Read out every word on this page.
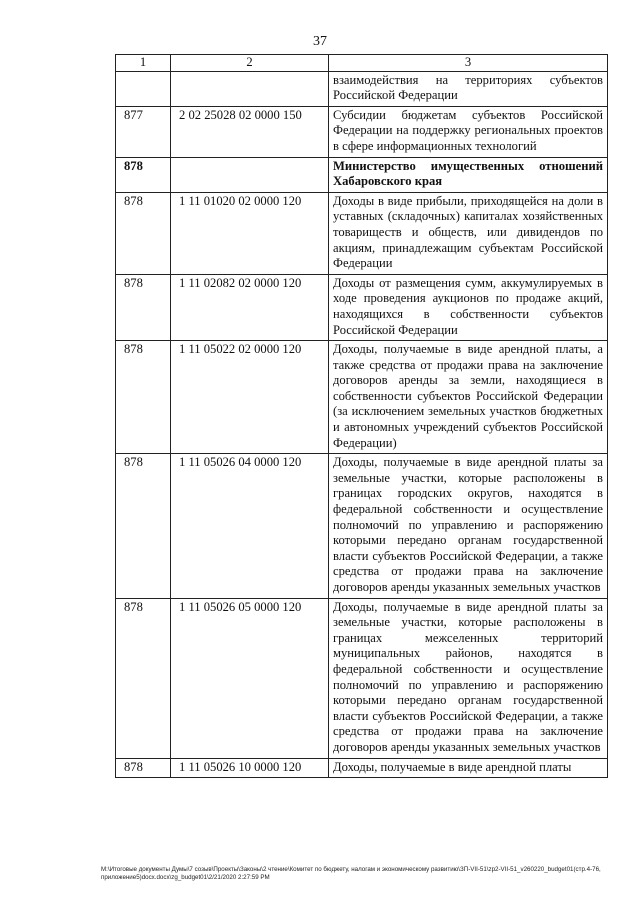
37
1	2	3
		взаимодействия на территориях субъектов Российской Федерации
877	2 02 25028 02 0000 150	Субсидии бюджетам субъектов Российской Федерации на поддержку региональных проектов в сфере информационных технологий
878		Министерство имущественных отношений Хабаровского края
878	1 11 01020 02 0000 120	Доходы в виде прибыли, приходящейся на доли в уставных (складочных) капиталах хозяйственных товариществ и обществ, или дивидендов по акциям, принадлежащим субъектам Российской Федерации
878	1 11 02082 02 0000 120	Доходы от размещения сумм, аккумулируемых в ходе проведения аукционов по продаже акций, находящихся в собственности субъектов Российской Федерации
878	1 11 05022 02 0000 120	Доходы, получаемые в виде арендной платы, а также средства от продажи права на заключение договоров аренды за земли, находящиеся в собственности субъектов Российской Федерации (за исключением земельных участков бюджетных и автономных учреждений субъектов Российской Федерации)
878	1 11 05026 04 0000 120	Доходы, получаемые в виде арендной платы за земельные участки, которые расположены в границах городских округов, находятся в федеральной собственности и осуществление полномочий по управлению и распоряжению которыми передано органам государственной власти субъектов Российской Федерации, а также средства от продажи права на заключение договоров аренды указанных земельных участков
878	1 11 05026 05 0000 120	Доходы, получаемые в виде арендной платы за земельные участки, которые расположены в границах межселенных территорий муниципальных районов, находятся в федеральной собственности и осуществление полномочий по управлению и распоряжению которыми передано органам государственной власти субъектов Российской Федерации, а также средства от продажи права на заключение договоров аренды указанных земельных участков
878	1 11 05026 10 0000 120	Доходы, получаемые в виде арендной платы
M:\Итоговые документы Думы\7 созыв\Проекты\Законы\2 чтение\Комитет по бюджету, налогам и экономическому развитию\ЗП-VII-51\zp2-VII-51_v260220_budget01(стр.4-76, приложение5)docx.docx\zg_budget01\2/21/2020 2:27:59 PM
